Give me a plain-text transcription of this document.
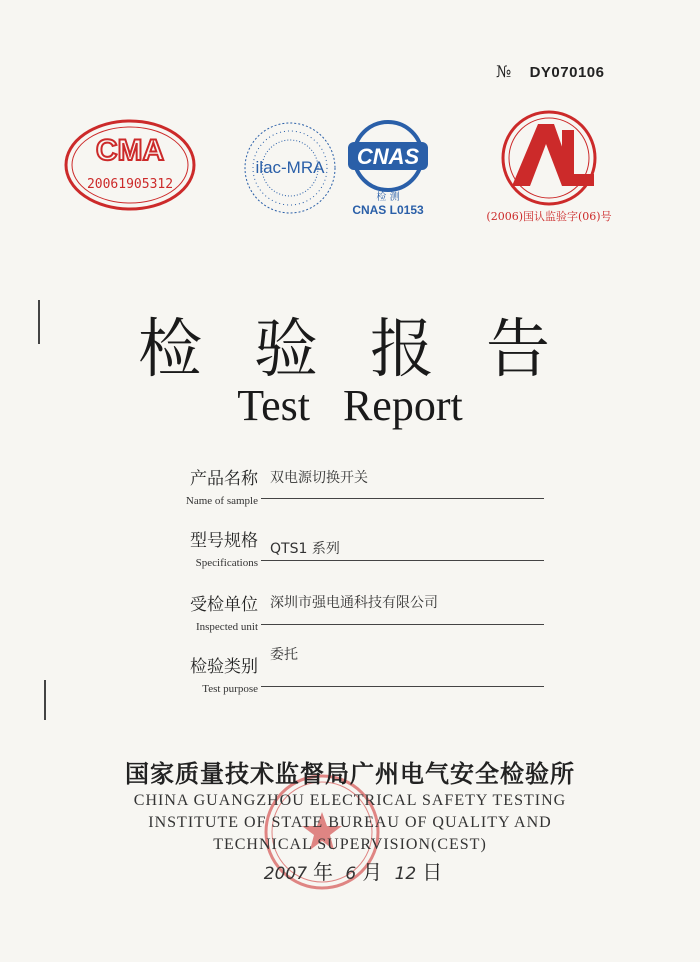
№ DY070106
CMA
20061905312
ilac-MRA CNAS
检 测
CNAS L0153	(2006)国认监验字(06)号
检验报告
Test Report
产品名称
Name of sample
双电源切换开关
型号规格
Specifications
QTS1 系列
受检单位
Inspected unit
深圳市强电通科技有限公司
检验类别
Test purpose
委托
国家质量技术监督局广州电气安全检验所
CHINA GUANGZHOU ELECTRICAL SAFETY TESTING
INSTITUTE OF STATE BUREAU OF QUALITY AND
TECHNICAL SUPERVISION(CEST)
2007 年 6 月 12 日
